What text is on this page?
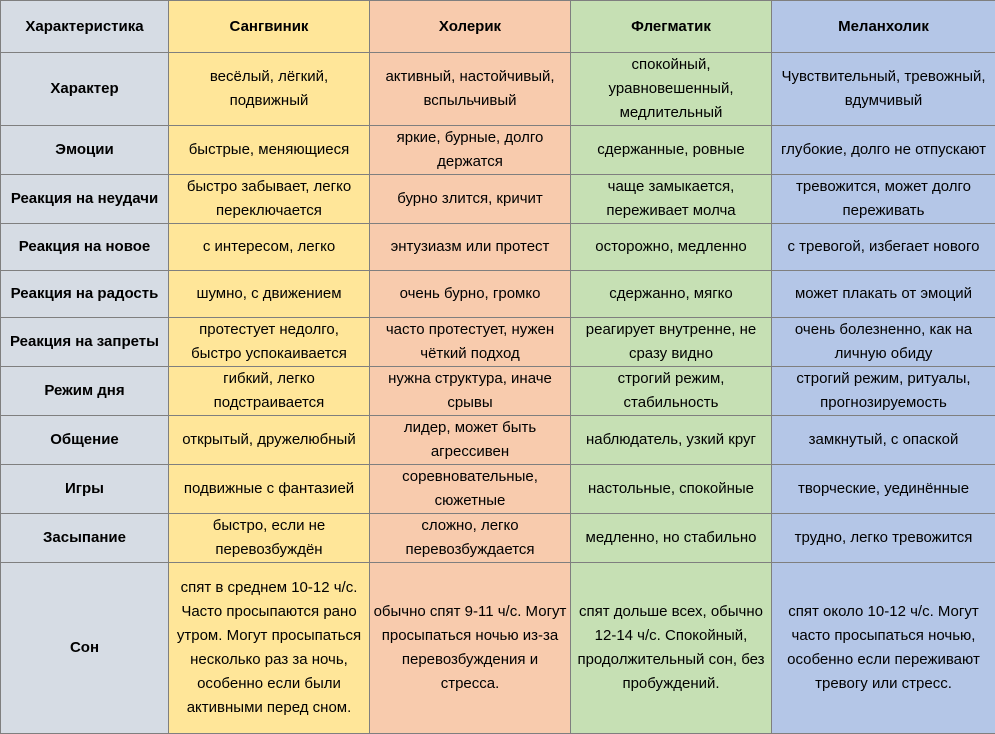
Характеристика	Сангвиник	Холерик	Флегматик	Меланхолик
Характер	весёлый, лёгкий, подвижный	активный, настойчивый, вспыльчивый	спокойный, уравновешенный, медлительный	Чувствительный, тревожный, вдумчивый
Эмоции	быстрые, меняющиеся	яркие, бурные, долго держатся	сдержанные, ровные	глубокие, долго не отпускают
Реакция на неудачи	быстро забывает, легко переключается	бурно злится, кричит	чаще замыкается, переживает молча	тревожится, может долго переживать
Реакция на новое	с интересом, легко	энтузиазм или протест	осторожно, медленно	с тревогой, избегает нового
Реакция на радость	шумно, с движением	очень бурно, громко	сдержанно, мягко	может плакать от эмоций
Реакция на запреты	протестует недолго, быстро успокаивается	часто протестует, нужен чёткий подход	реагирует внутренне, не сразу видно	очень болезненно, как на личную обиду
Режим дня	гибкий, легко подстраивается	нужна структура, иначе срывы	строгий режим, стабильность	строгий режим, ритуалы, прогнозируемость
Общение	открытый, дружелюбный	лидер, может быть агрессивен	наблюдатель, узкий круг	замкнутый, с опаской
Игры	подвижные с фантазией	соревновательные, сюжетные	настольные, спокойные	творческие, уединённые
Засыпание	быстро, если не перевозбуждён	сложно, легко перевозбуждается	медленно, но стабильно	трудно, легко тревожится
Сон	спят в среднем 10-12 ч/с. Часто просыпаются рано утром. Могут просыпаться несколько раз за ночь, особенно если были активными перед сном.	обычно спят 9-11 ч/с. Могут просыпаться ночью из-за перевозбуждения и стресса.	спят дольше всех, обычно 12-14 ч/с. Спокойный, продолжительный сон, без пробуждений.	спят около 10-12 ч/с. Могут часто просыпаться ночью, особенно если переживают тревогу или стресс.
